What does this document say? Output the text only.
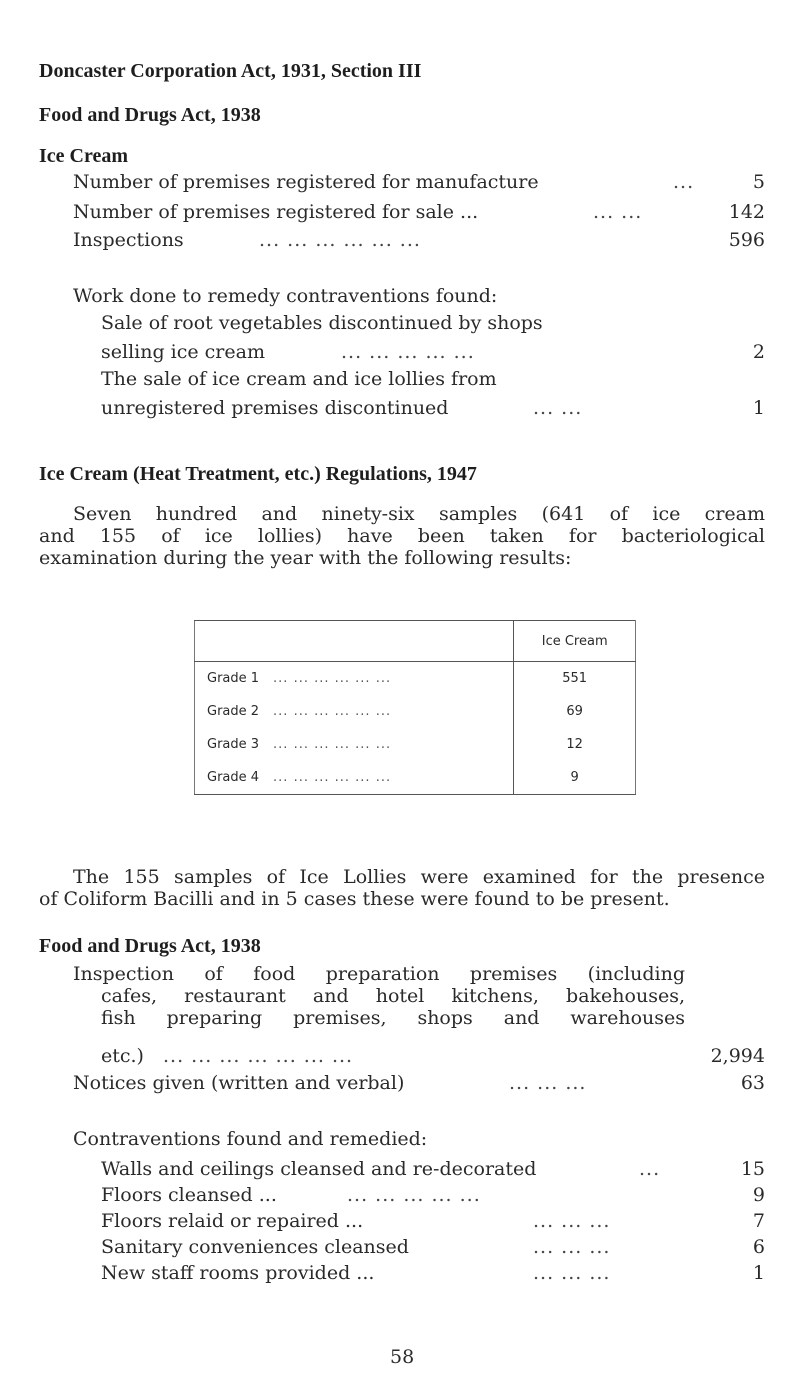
Doncaster Corporation Act, 1931, Section III
Food and Drugs Act, 1938
Ice Cream
Number of premises registered for manufacture	...	5
Number of premises registered for sale ...	... ...	142
Inspections	... ... ... ... ... ...	596
Work done to remedy contraventions found:
Sale of root vegetables discontinued by shops
selling ice cream	... ... ... ... ...	2
The sale of ice cream and ice lollies from
unregistered premises discontinued	... ...	1
Ice Cream (Heat Treatment, etc.) Regulations, 1947
Seven hundred and ninety-six samples (641 of ice cream
and 155 of ice lollies) have been taken for bacteriological
examination during the year with the following results:
	Ice Cream
Grade 1 ... ... ... ... ... ...	551
Grade 2 ... ... ... ... ... ...	69
Grade 3 ... ... ... ... ... ...	12
Grade 4 ... ... ... ... ... ...	9
The 155 samples of Ice Lollies were examined for the presence
of Coliform Bacilli and in 5 cases these were found to be present.
Food and Drugs Act, 1938
Inspection of food preparation premises (including
cafes, restaurant and hotel kitchens, bakehouses,
fish preparing premises, shops and warehouses
etc.) ... ... ... ... ... ... ...	2,994
Notices given (written and verbal)	... ... ...	63
Contraventions found and remedied:
Walls and ceilings cleansed and re-decorated	...	15
Floors cleansed ...	... ... ... ... ...	9
Floors relaid or repaired ...	... ... ...	7
Sanitary conveniences cleansed	... ... ...	6
New staff rooms provided ...	... ... ...	1
58
